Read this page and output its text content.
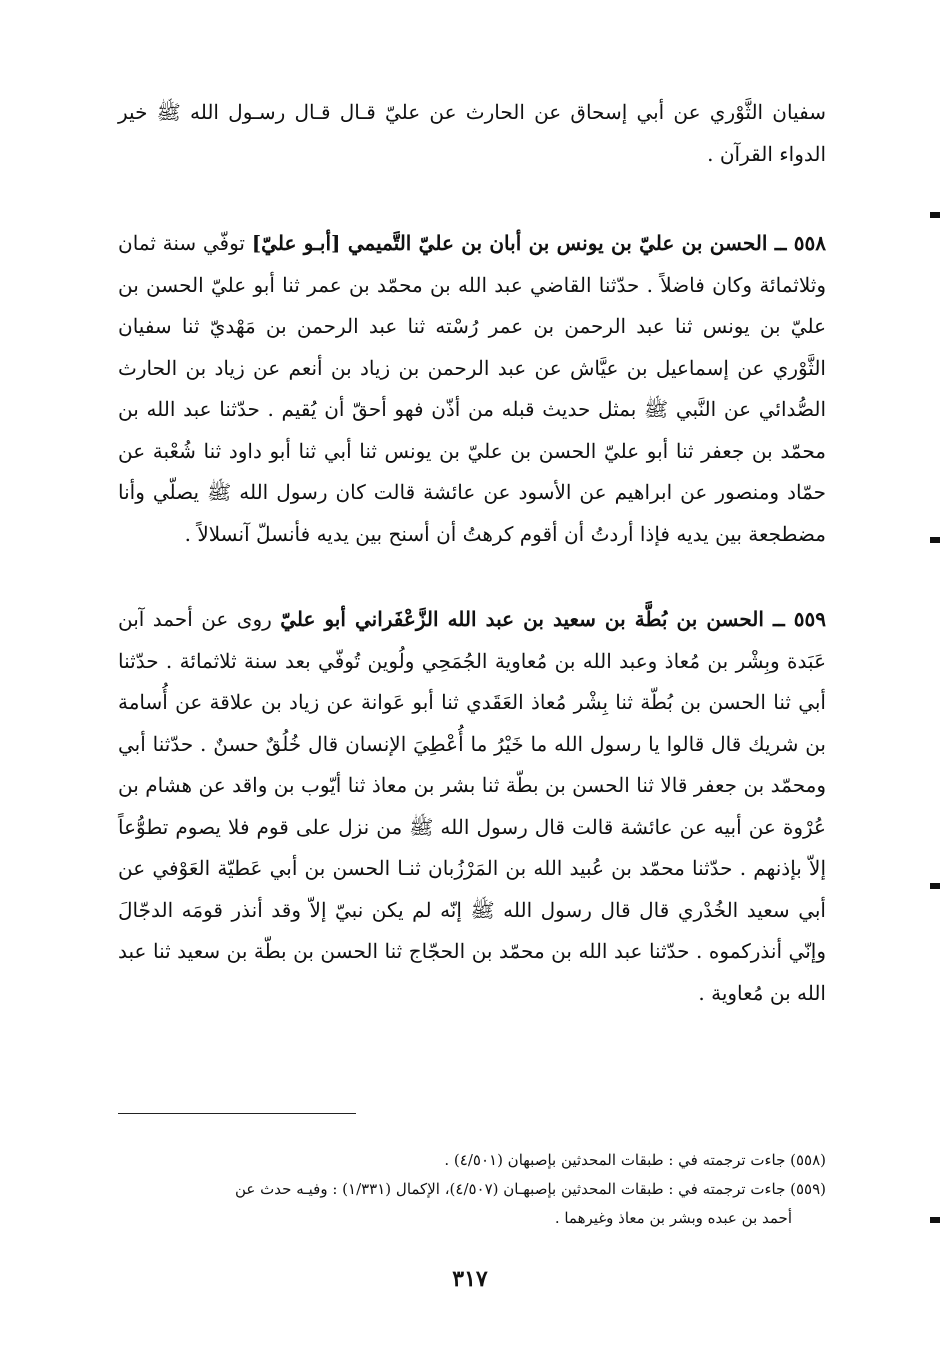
سفيان الثَّوْري عن أبي إسحاق عن الحارث عن عليّ قـال قـال رسـول الله ﷺ خير الدواء القرآن .

٥٥٨ ــ الحسن بن عليّ بن يونس بن أبان بن عليّ التَّميمي [أبـو عليّ] توفّي سنة ثمان وثلاثمائة وكان فاضلاً . حدّثنا القاضي عبد الله بن محمّد بن عمر ثنا أبو عليّ الحسن بن عليّ بن يونس ثنا عبد الرحمن بن عمر رُسْته ثنا عبد الرحمن بن مَهْديّ ثنا سفيان الثَّوْري عن إسماعيل بن عيَّاش عن عبد الرحمن بن زياد بن أنعم عن زياد بن الحارث الصُّدائي عن النَّبي ﷺ بمثل حديث قبله من أذّن فهو أحقّ أن يُقيم . حدّثنا عبد الله بن محمّد بن جعفر ثنا أبو عليّ الحسن بن عليّ بن يونس ثنا أبي ثنا أبو داود ثنا شُعْبة عن حمّاد ومنصور عن ابراهيم عن الأسود عن عائشة قالت كان رسول الله ﷺ يصلّي وأنا مضطجعة بين يديه فإذا أردتُ أن أقوم كرهتُ أن أسنح بين يديه فأنسلّ آنسلالاً .

٥٥٩ ــ الحسن بن بُطَّة بن سعيد بن عبد الله الزَّعْفَراني أبو عليّ روى عن أحمد آبن عَبَدة وبِشْر بن مُعاذ وعبد الله بن مُعاوية الجُمَحِي ولُوين تُوفّي بعد سنة ثلاثمائة . حدّثنا أبي ثنا الحسن بن بُطّة ثنا بِشْر مُعاذ العَقَدي ثنا أبو عَوانة عن زياد بن علاقة عن أُسامة بن شريك قال قالوا يا رسول الله ما خَيْرُ ما أُعْطِيَ الإنسان قال خُلُقٌ حسنٌ . حدّثنا أبي ومحمّد بن جعفر قالا ثنا الحسن بن بطّة ثنا بشر بن معاذ ثنا أيّوب بن واقد عن هشام بن عُرْوة عن أبيه عن عائشة قالت قال رسول الله ﷺ من نزل على قوم فلا يصوم تطوُّعاً إلاّ بإذنهم . حدّثنا محمّد بن عُبيد الله بن المَرْزُبان ثنـا الحسن بن أبي عَطيّة العَوْفي عن أبي سعيد الخُدْري قال قال رسول الله ﷺ إنّه لم يكن نبيّ إلاّ وقد أنذر قومَه الدجّالَ وإنّي أنذركموه . حدّثنا عبد الله بن محمّد بن الحجّاج ثنا الحسن بن بطّة بن سعيد ثنا عبد الله بن مُعاوية .

(٥٥٨) جاءت ترجمته في : طبقات المحدثين بإصبهان (٤/٥٠١) .

(٥٥٩) جاءت ترجمته في : طبقات المحدثين بإصبهـان (٤/٥٠٧)، الإكمال (١/٣٣١) : وفيـه حدث عن

أحمد بن عبده وبشر بن معاذ وغيرهما .

٣١٧
